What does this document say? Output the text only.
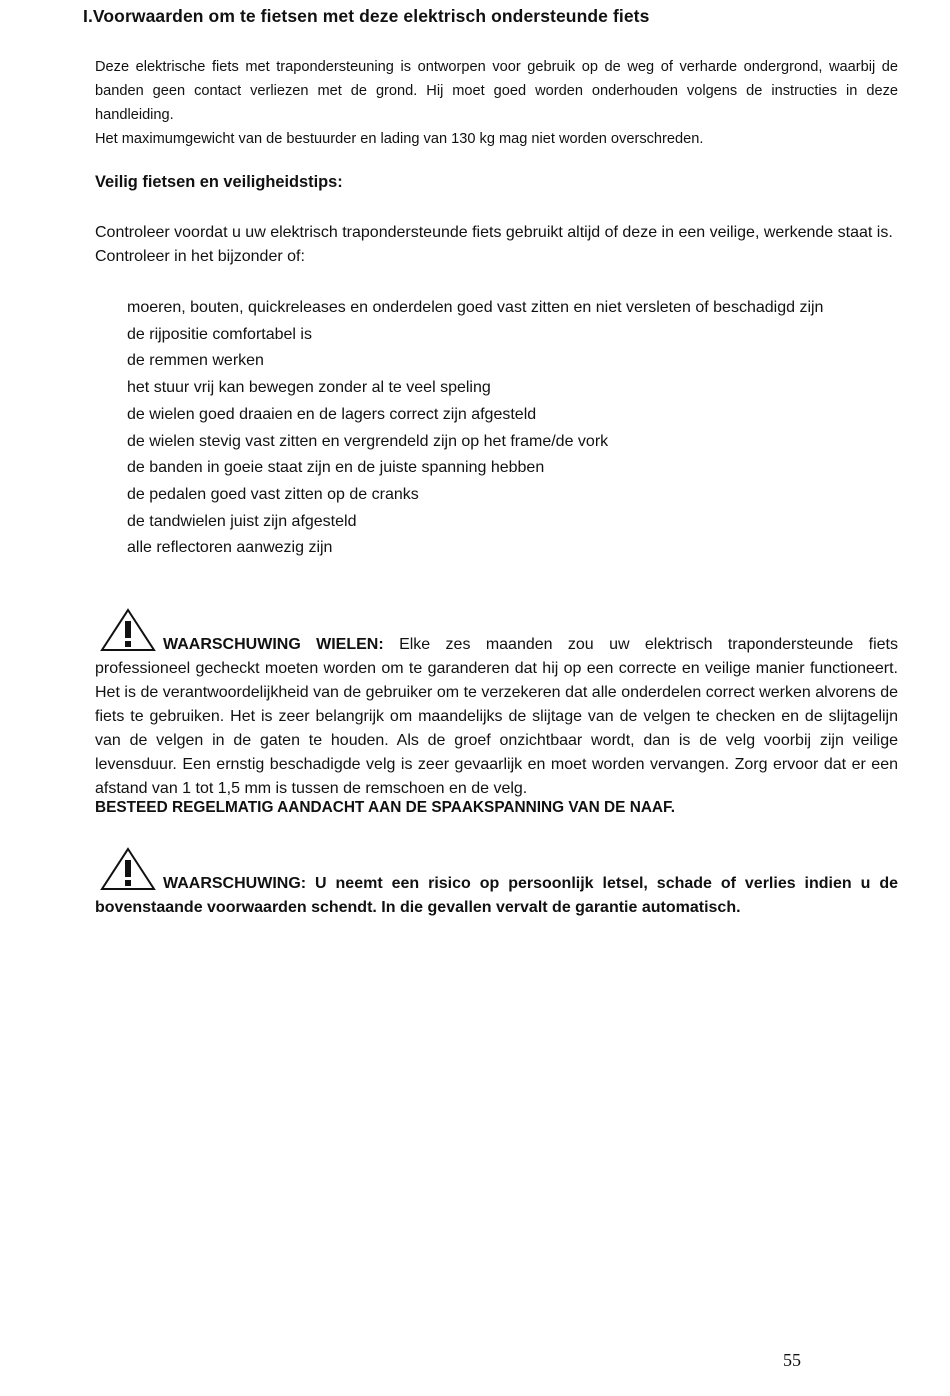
I.Voorwaarden om te fietsen met deze elektrisch ondersteunde fiets

Deze elektrische fiets met trapondersteuning is ontworpen voor gebruik op de weg of verharde ondergrond, waarbij de banden geen contact verliezen met de grond. Hij moet goed worden onderhouden volgens de instructies in deze handleiding.

Het maximumgewicht van de bestuurder en lading van 130 kg mag niet worden overschreden.

Veilig fietsen en veiligheidstips:

Controleer voordat u uw elektrisch trapondersteunde fiets gebruikt altijd of deze in een veilige, werkende staat is. Controleer in het bijzonder of:

moeren, bouten, quickreleases en onderdelen goed vast zitten en niet versleten of beschadigd zijn
de rijpositie comfortabel is
de remmen werken
het stuur vrij kan bewegen zonder al te veel speling
de wielen goed draaien en de lagers correct zijn afgesteld
de wielen stevig vast zitten en vergrendeld zijn op het frame/de vork
de banden in goeie staat zijn en de juiste spanning hebben
de pedalen goed vast zitten op de cranks
de tandwielen juist zijn afgesteld
alle reflectoren aanwezig zijn

WAARSCHUWING WIELEN: Elke zes maanden zou uw elektrisch trapondersteunde fiets professioneel gecheckt moeten worden om te garanderen dat hij op een correcte en veilige manier functioneert. Het is de verantwoordelijkheid van de gebruiker om te verzekeren dat alle onderdelen correct werken alvorens de fiets te gebruiken. Het is zeer belangrijk om maandelijks de slijtage van de velgen te checken en de slijtagelijn van de velgen in de gaten te houden. Als de groef onzichtbaar wordt, dan is de velg voorbij zijn veilige levensduur. Een ernstig beschadigde velg is zeer gevaarlijk en moet worden vervangen. Zorg ervoor dat er een afstand van 1 tot 1,5 mm is tussen de remschoen en de velg.

BESTEED REGELMATIG AANDACHT AAN DE SPAAKSPANNING VAN DE NAAF.

WAARSCHUWING: U neemt een risico op persoonlijk letsel, schade of verlies indien u de bovenstaande voorwaarden schendt. In die gevallen vervalt de garantie automatisch.

55
